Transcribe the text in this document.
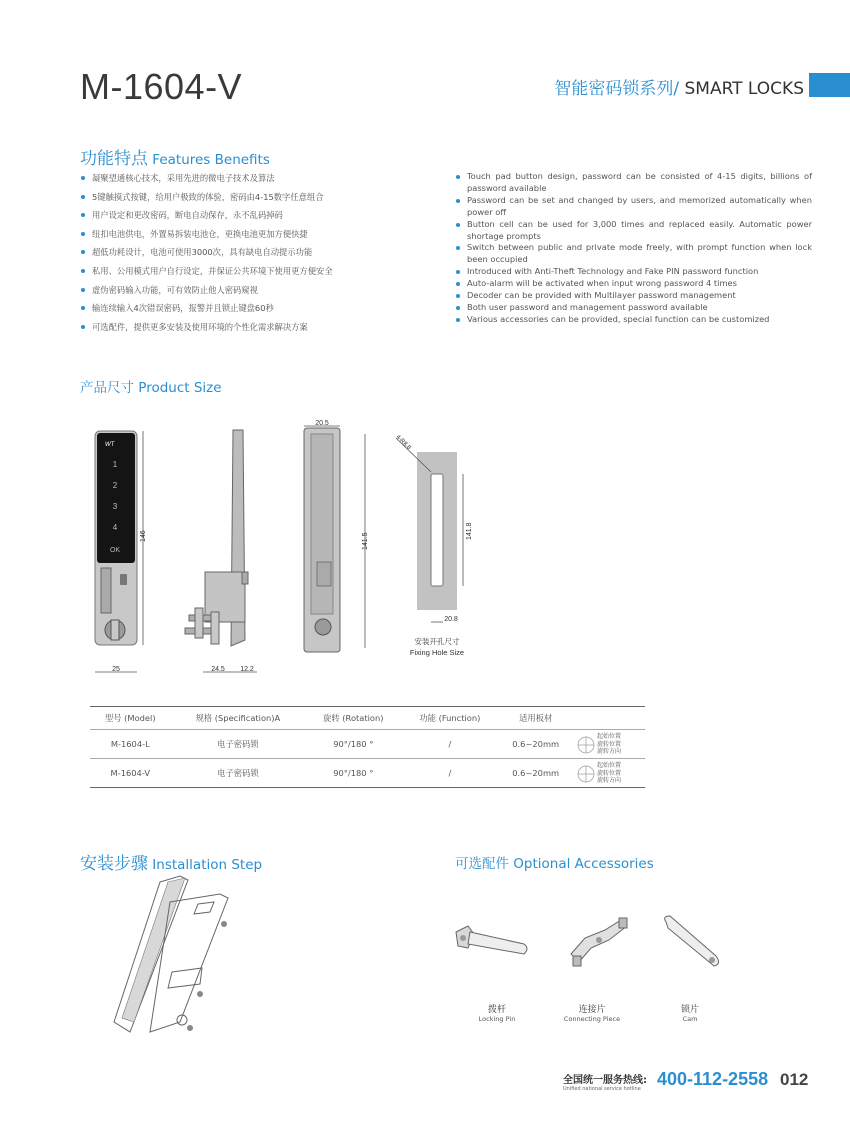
M-1604-V	智能密码锁系列/ SMART LOCKS
功能特点 Features Benefits
凝聚望通核心技术，采用先进的微电子技术及算法
5键触摸式按键，给用户极致的体验，密码由4-15数字任意组合
用户设定和更改密码，断电自动保存，永不乱码掉码
纽扣电池供电，外置易拆装电池仓，更换电池更加方便快捷
超低功耗设计，电池可使用3000次，具有缺电自动提示功能
私用、公用模式用户自行设定，并保证公共环境下使用更方便安全
虚伪密码输入功能，可有效防止他人密码窥视
输连续输入4次错误密码，报警并且锁止键盘60秒
可选配件，提供更多安装及使用环境的个性化需求解决方案
Touch pad button design, password can be consisted of 4-15 digits, billions of password available
Password can be set and changed by users, and memorized automatically when power off
Button cell can be used for 3,000 times and replaced easily. Automatic power shortage prompts
Switch between public and private mode freely, with prompt function when lock been occupied
Introduced with Anti-Theft Technology and Fake PIN password function
Auto-alarm will be activated when input wrong password 4 times
Decoder can be provided with Multilayer password management
Both user password and management password available
Various accessories can be provided, special function can be customized
产品尺寸 Product Size
WT
1
2
3
4
OK
146
25	24.5 12.2
20.5
141.5
4-R8.8
141.8
20.8
安装开孔尺寸
Fixing Hole Size
型号 (Model)	规格 (Specification)A	旋转 (Rotation)	功能 (Function)	适用板材	
M-1604-L	电子密码锁	90°/180 °	/	0.6~20mm	起始位置
旋转位置
旋转方向

M-1604-V	电子密码锁	90°/180 °	/	0.6~20mm	起始位置
旋转位置
旋转方向
安装步骤 Installation Step	可选配件 Optional Accessories
拨杆
Locking Pin
连接片
Connecting Piece
锁片
Cam
全国统一服务热线:
Unified national service hotline 400-112-2558 012
